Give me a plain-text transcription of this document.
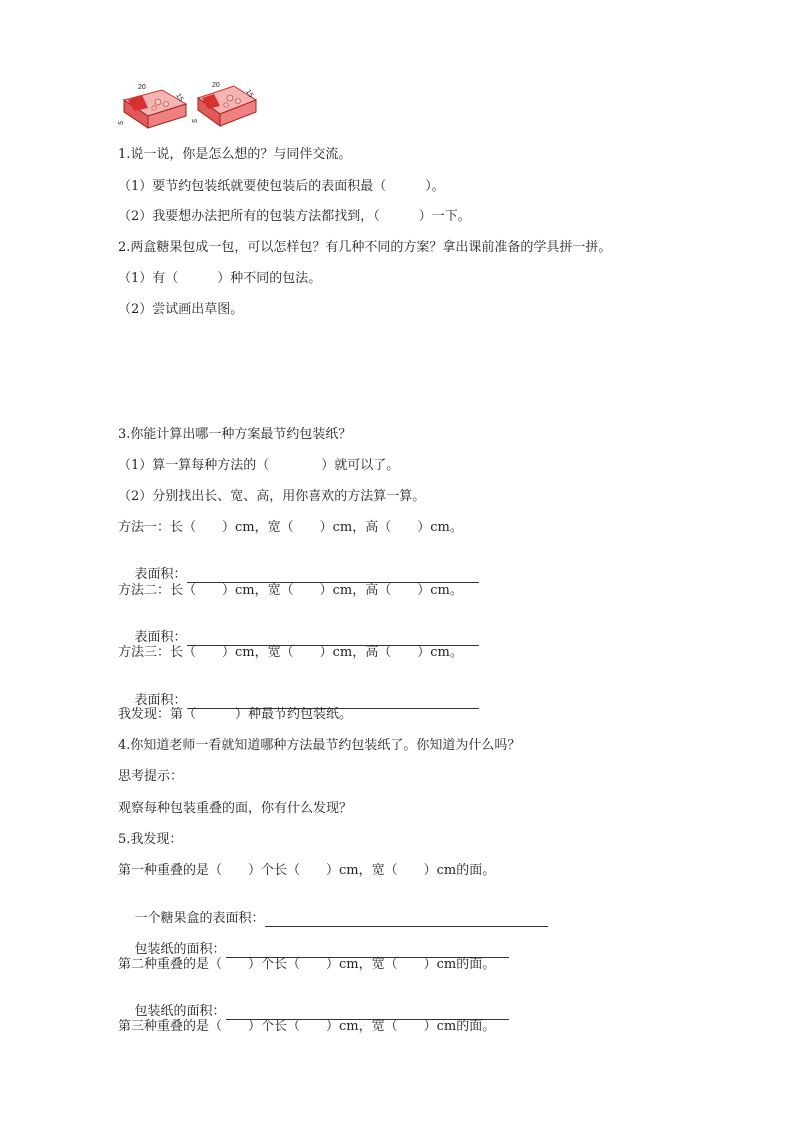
20
15
5
20
15
5
1.说一说，你是怎么想的？与同伴交流。
（1）要节约包装纸就要使包装后的表面积最（　　　）。
（2）我要想办法把所有的包装方法都找到，（　　　）一下。
2.两盒糖果包成一包，可以怎样包？有几种不同的方案？拿出课前准备的学具拼一拼。
（1）有（　　　）种不同的包法。
（2）尝试画出草图。
3.你能计算出哪一种方案最节约包装纸？
（1）算一算每种方法的（　　　　）就可以了。
（2）分别找出长、宽、高，用你喜欢的方法算一算。
方法一：长（　　）cm，宽（　　）cm，高（　　）cm。

表面积：

方法二：长（　　）cm，宽（　　）cm，高（　　）cm。

表面积：

方法三：长（　　）cm，宽（　　）cm，高（　　）cm。

表面积：

我发现：第（　　　）种最节约包装纸。
4.你知道老师一看就知道哪种方法最节约包装纸了。你知道为什么吗？
思考提示：
观察每种包装重叠的面，你有什么发现？
5.我发现：
第一种重叠的是（　　）个长（　　）cm，宽（　　）cm的面。

一个糖果盒的表面积：

包装纸的面积：

第二种重叠的是（　　）个长（　　）cm，宽（　　）cm的面。

包装纸的面积：

第三种重叠的是（　　）个长（　　）cm，宽（　　）cm的面。
